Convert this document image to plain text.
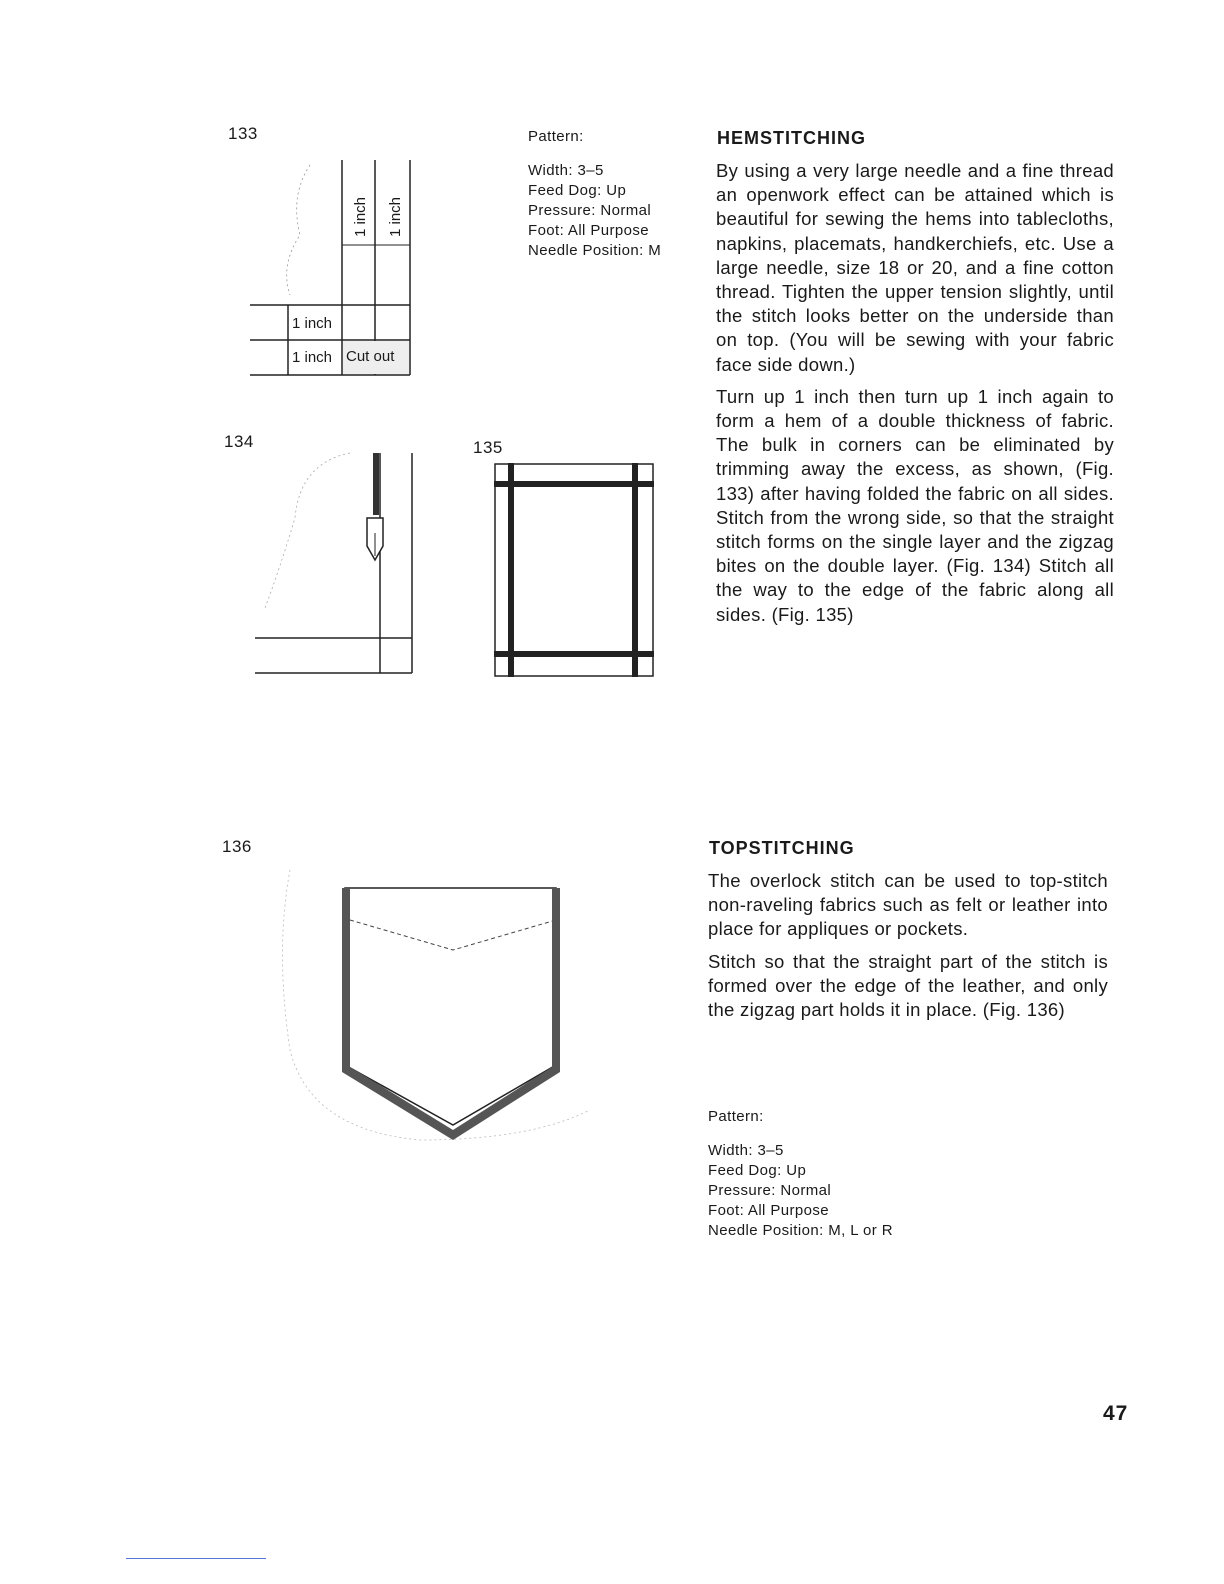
133
1 inch
1 inch Cut out
1 inch 1 inch
Pattern:
Width: 3–5
Feed Dog: Up
Pressure: Normal
Foot: All Purpose
Needle Position: M
HEMSTITCHING

By using a very large needle and a fine thread an openwork effect can be attained which is beautiful for sewing the hems into tablecloths, napkins, placemats, handkerchiefs, etc. Use a large needle, size 18 or 20, and a fine cotton thread. Tighten the upper tension slightly, until the stitch looks better on the underside than on top. (You will be sewing with your fabric face side down.)

Turn up 1 inch then turn up 1 inch again to form a hem of a double thickness of fabric. The bulk in corners can be eliminated by trimming away the excess, as shown, (Fig. 133) after having folded the fabric on all sides. Stitch from the wrong side, so that the straight stitch forms on the single layer and the zigzag bites on the double layer. (Fig. 134) Stitch all the way to the edge of the fabric along all sides. (Fig. 135)

134	135
136	TOPSTITCHING

The overlock stitch can be used to top-stitch non-raveling fabrics such as felt or leather into place for appliques or pockets.

Stitch so that the straight part of the stitch is formed over the edge of the leather, and only the zigzag part holds it in place. (Fig. 136)

Pattern:
Width: 3–5
Feed Dog: Up
Pressure: Normal
Foot: All Purpose
Needle Position: M, L or R
47
